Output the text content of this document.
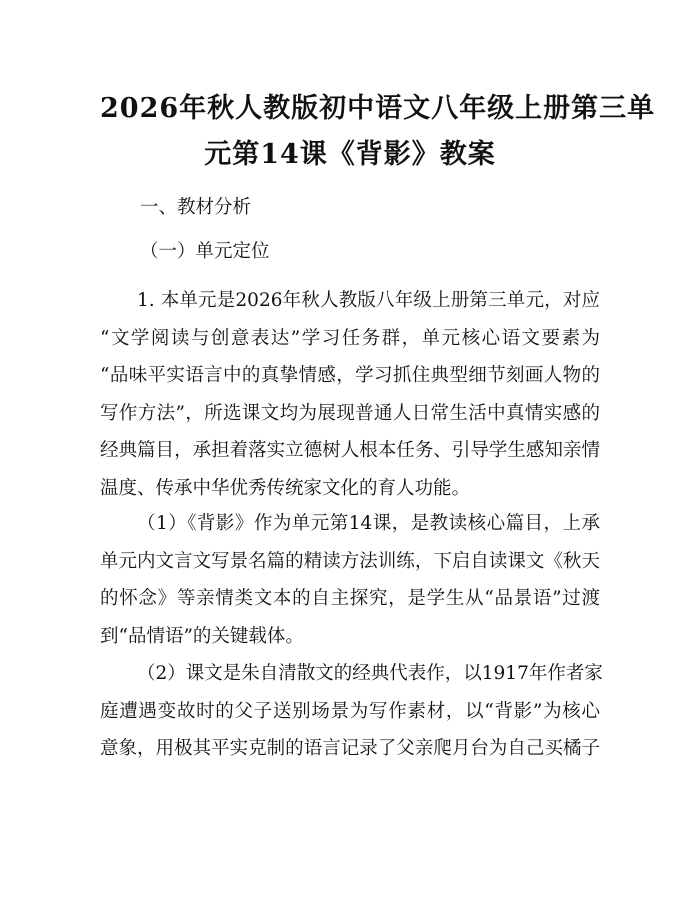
2026年秋人教版初中语文八年级上册第三单
元第14课《背影》教案
一、教材分析
（一）单元定位
1. 本单元是2026年秋人教版八年级上册第三单元，对应
“文学阅读与创意表达”学习任务群，单元核心语文要素为
“品味平实语言中的真挚情感，学习抓住典型细节刻画人物的
写作方法”，所选课文均为展现普通人日常生活中真情实感的
经典篇目，承担着落实立德树人根本任务、引导学生感知亲情
温度、传承中华优秀传统家文化的育人功能。
（1）《背影》作为单元第14课，是教读核心篇目，上承
单元内文言文写景名篇的精读方法训练，下启自读课文《秋天
的怀念》等亲情类文本的自主探究，是学生从“品景语”过渡
到“品情语”的关键载体。
（2）课文是朱自清散文的经典代表作，以1917年作者家
庭遭遇变故时的父子送别场景为写作素材，以“背影”为核心
意象，用极其平实克制的语言记录了父亲爬月台为自己买橘子
